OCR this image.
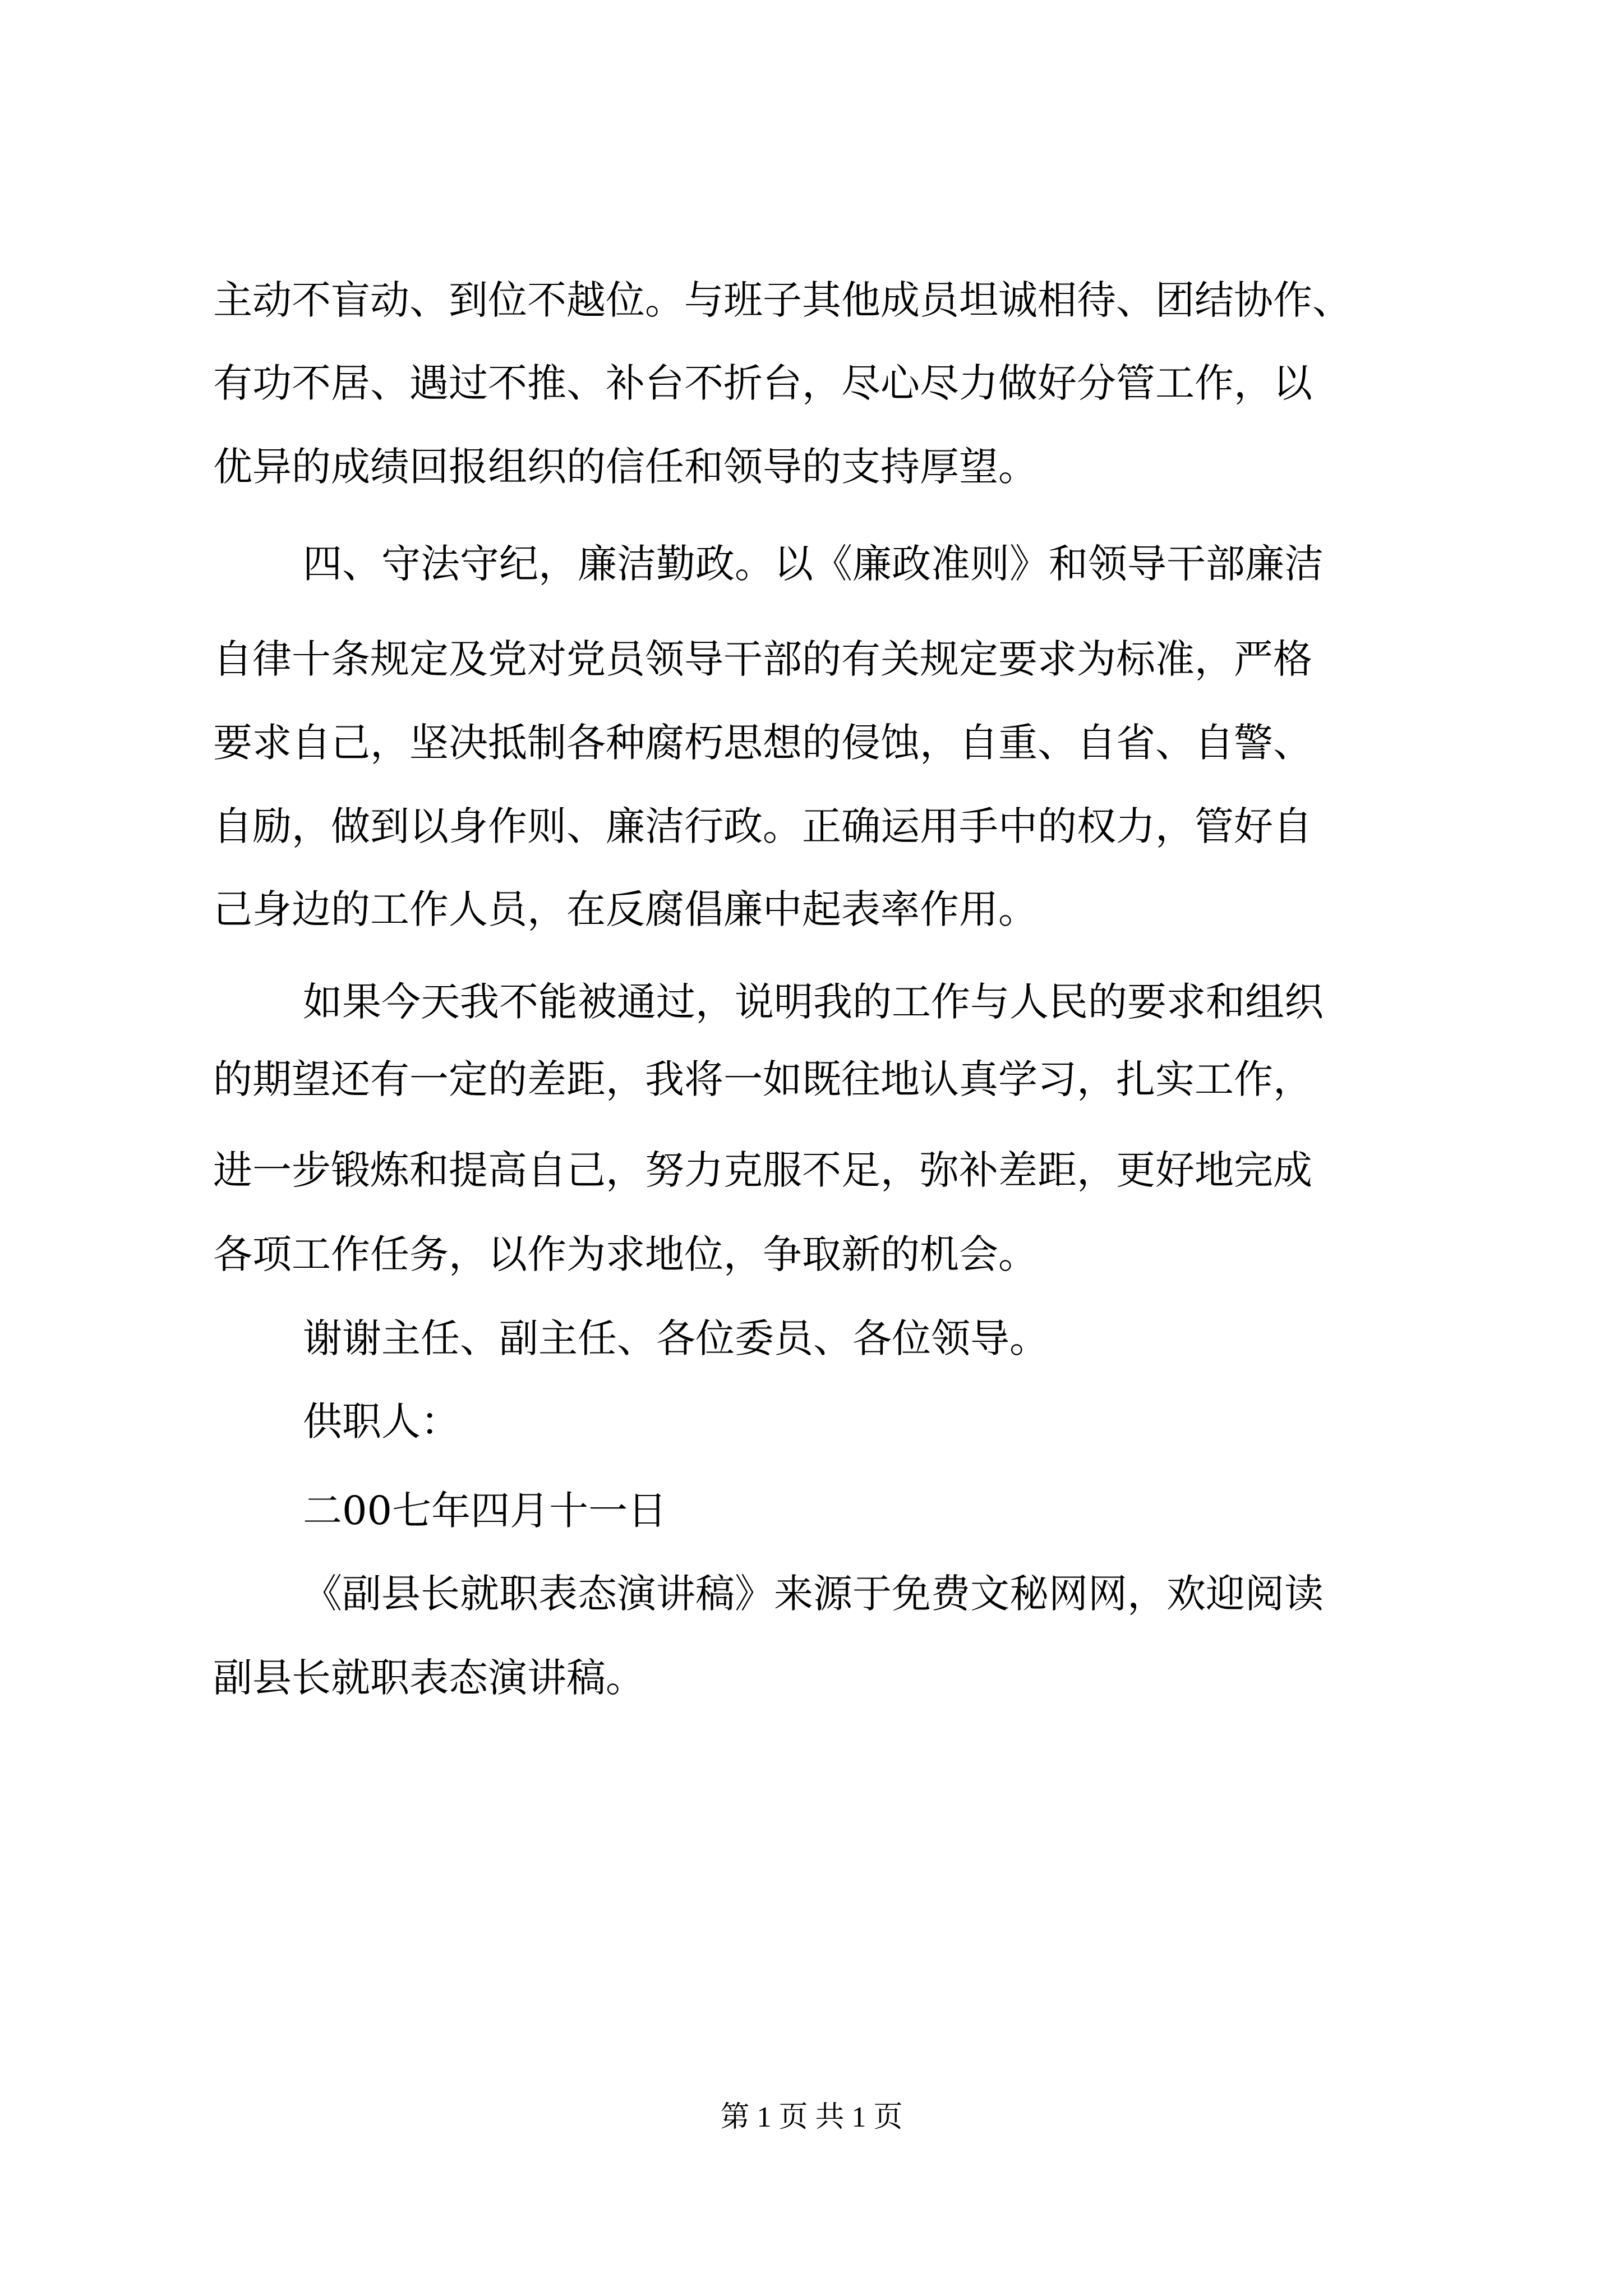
主动不盲动、到位不越位。与班子其他成员坦诚相待、团结协作、
有功不居、遇过不推、补台不折台，尽心尽力做好分管工作，以
优异的成绩回报组织的信任和领导的支持厚望。
四、守法守纪，廉洁勤政。以《廉政准则》和领导干部廉洁
自律十条规定及党对党员领导干部的有关规定要求为标准，严格
要求自己，坚决抵制各种腐朽思想的侵蚀，自重、自省、自警、
自励，做到以身作则、廉洁行政。正确运用手中的权力，管好自
己身边的工作人员，在反腐倡廉中起表率作用。
如果今天我不能被通过，说明我的工作与人民的要求和组织
的期望还有一定的差距，我将一如既往地认真学习，扎实工作，
进一步锻炼和提高自己，努力克服不足，弥补差距，更好地完成
各项工作任务，以作为求地位，争取新的机会。
谢谢主任、副主任、各位委员、各位领导。
供职人：
二00七年四月十一日
《副县长就职表态演讲稿》来源于免费文秘网网，欢迎阅读
副县长就职表态演讲稿。
第 1 页 共 1 页
